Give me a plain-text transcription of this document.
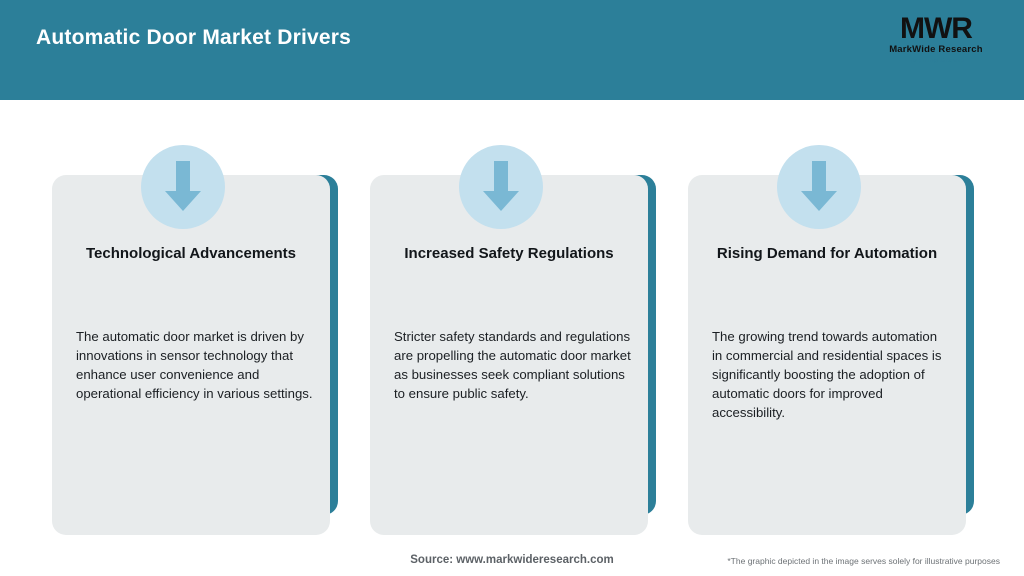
Automatic Door Market Drivers	MWR
MarkWide Research
Inspiring Growth
Technological Advancements
The automatic door market is driven by innovations in sensor technology that enhance user convenience and operational efficiency in various settings.
Increased Safety Regulations
Stricter safety standards and regulations are propelling the automatic door market as businesses seek compliant solutions to ensure public safety.
Rising Demand for Automation
The growing trend towards automation in commercial and residential spaces is significantly boosting the adoption of automatic doors for improved accessibility.
Source: www.markwideresearch.com	*The graphic depicted in the image serves solely for illustrative purposes
